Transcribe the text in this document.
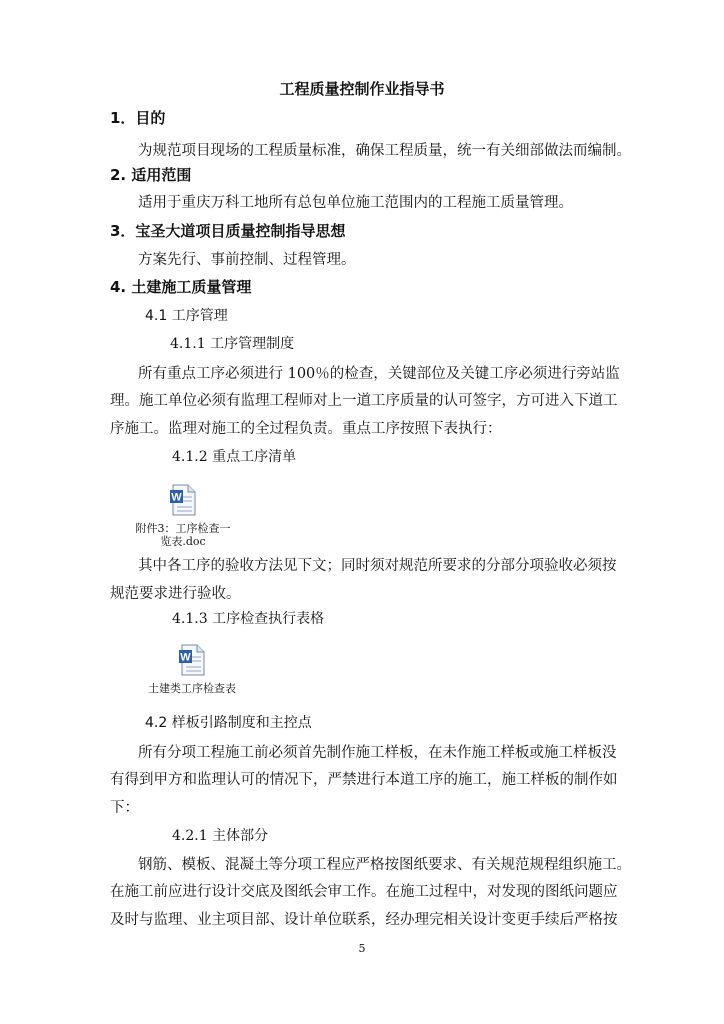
工程质量控制作业指导书
1．目的
为规范项目现场的工程质量标准，确保工程质量，统一有关细部做法而编制。
2. 适用范围
适用于重庆万科工地所有总包单位施工范围内的工程施工质量管理。
3．宝圣大道项目质量控制指导思想
方案先行、事前控制、过程管理。
4. 土建施工质量管理
4.1 工序管理
4.1.1 工序管理制度
所有重点工序必须进行 100％的检查，关键部位及关键工序必须进行旁站监
理。施工单位必须有监理工程师对上一道工序质量的认可签字，方可进入下道工
序施工。监理对施工的全过程负责。重点工序按照下表执行：
4.1.2 重点工序清单
W
附件3：工序检查一
览表.doc
其中各工序的验收方法见下文；同时须对规范所要求的分部分项验收必须按
规范要求进行验收。
4.1.3 工序检查执行表格
W
土建类工序检查表
4.2 样板引路制度和主控点
所有分项工程施工前必须首先制作施工样板，在未作施工样板或施工样板没
有得到甲方和监理认可的情况下，严禁进行本道工序的施工，施工样板的制作如
下：
4.2.1 主体部分
钢筋、模板、混凝土等分项工程应严格按图纸要求、有关规范规程组织施工。
在施工前应进行设计交底及图纸会审工作。在施工过程中，对发现的图纸问题应
及时与监理、业主项目部、设计单位联系，经办理完相关设计变更手续后严格按
5
